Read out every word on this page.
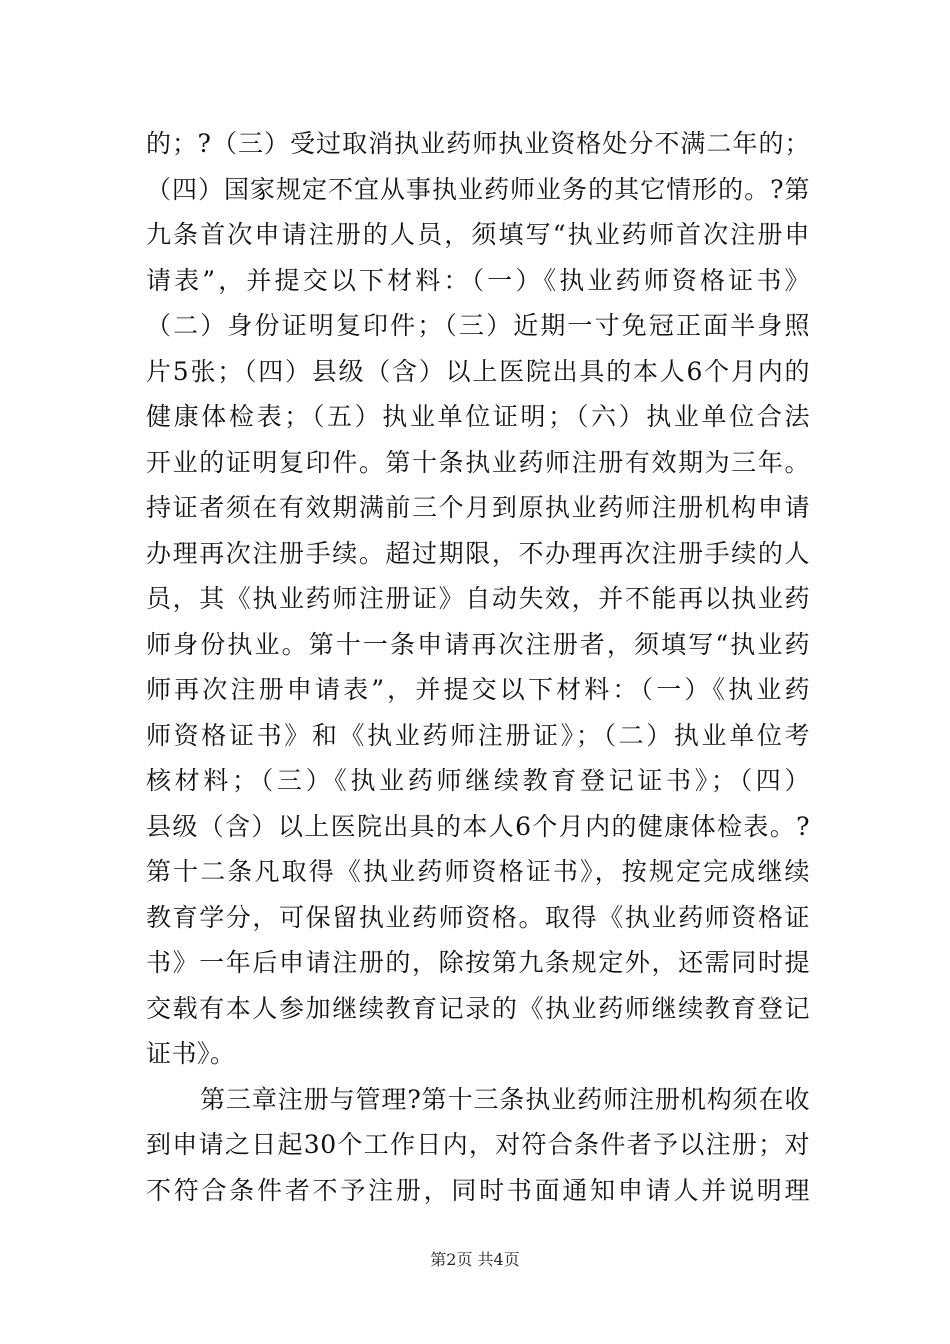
的；?（三）受过取消执业药师执业资格处分不满二年的；
（四）国家规定不宜从事执业药师业务的其它情形的。?第
九条首次申请注册的人员，须填写“执业药师首次注册申
请表”，并提交以下材料：（一）《执业药师资格证书》
（二）身份证明复印件；（三）近期一寸免冠正面半身照
片5张；（四）县级（含）以上医院出具的本人6个月内的
健康体检表；（五）执业单位证明；（六）执业单位合法
开业的证明复印件。第十条执业药师注册有效期为三年。
持证者须在有效期满前三个月到原执业药师注册机构申请
办理再次注册手续。超过期限，不办理再次注册手续的人
员，其《执业药师注册证》自动失效，并不能再以执业药
师身份执业。第十一条申请再次注册者，须填写“执业药
师再次注册申请表”，并提交以下材料：（一）《执业药
师资格证书》和《执业药师注册证》；（二）执业单位考
核材料；（三）《执业药师继续教育登记证书》；（四）
县级（含）以上医院出具的本人6个月内的健康体检表。?
第十二条凡取得《执业药师资格证书》，按规定完成继续
教育学分，可保留执业药师资格。取得《执业药师资格证
书》一年后申请注册的，除按第九条规定外，还需同时提
交载有本人参加继续教育记录的《执业药师继续教育登记
证书》。
第三章注册与管理?第十三条执业药师注册机构须在收
到申请之日起30个工作日内，对符合条件者予以注册；对
不符合条件者不予注册，同时书面通知申请人并说明理
第2页 共4页
